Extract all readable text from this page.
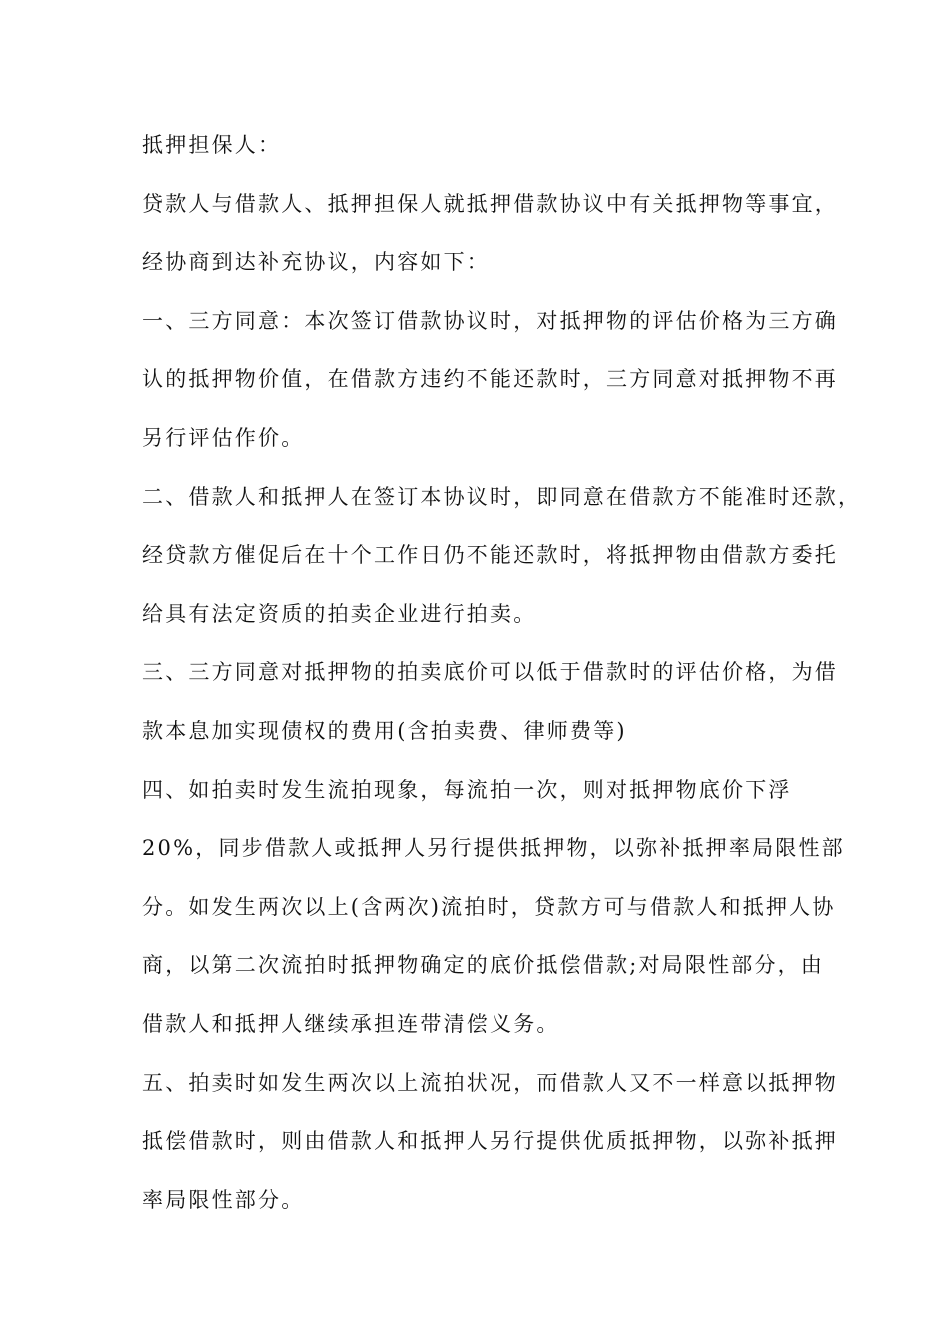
抵押担保人：
贷款人与借款人、抵押担保人就抵押借款协议中有关抵押物等事宜，
经协商到达补充协议，内容如下：
一、三方同意：本次签订借款协议时，对抵押物的评估价格为三方确
认的抵押物价值，在借款方违约不能还款时，三方同意对抵押物不再
另行评估作价。
二、借款人和抵押人在签订本协议时，即同意在借款方不能准时还款，
经贷款方催促后在十个工作日仍不能还款时，将抵押物由借款方委托
给具有法定资质的拍卖企业进行拍卖。
三、三方同意对抵押物的拍卖底价可以低于借款时的评估价格，为借
款本息加实现债权的费用(含拍卖费、律师费等)
四、如拍卖时发生流拍现象，每流拍一次，则对抵押物底价下浮
20%，同步借款人或抵押人另行提供抵押物，以弥补抵押率局限性部
分。如发生两次以上(含两次)流拍时，贷款方可与借款人和抵押人协
商，以第二次流拍时抵押物确定的底价抵偿借款;对局限性部分，由
借款人和抵押人继续承担连带清偿义务。
五、拍卖时如发生两次以上流拍状况，而借款人又不一样意以抵押物
抵偿借款时，则由借款人和抵押人另行提供优质抵押物，以弥补抵押
率局限性部分。
